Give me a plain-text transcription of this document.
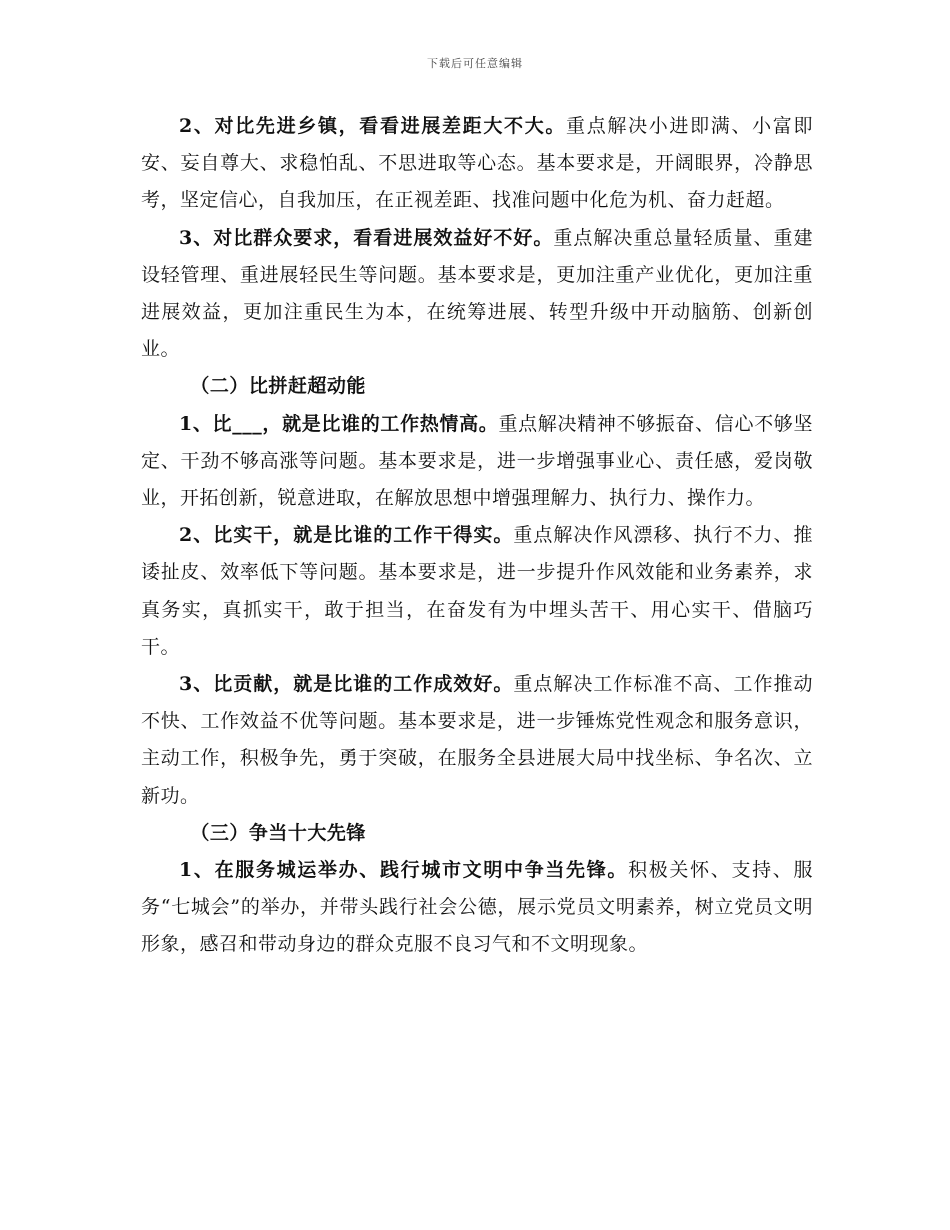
下载后可任意编辑

2、对比先进乡镇，看看进展差距大不大。重点解决小进即满、小富即安、妄自尊大、求稳怕乱、不思进取等心态。基本要求是，开阔眼界，冷静思考，坚定信心，自我加压，在正视差距、找准问题中化危为机、奋力赶超。

3、对比群众要求，看看进展效益好不好。重点解决重总量轻质量、重建设轻管理、重进展轻民生等问题。基本要求是，更加注重产业优化，更加注重进展效益，更加注重民生为本，在统筹进展、转型升级中开动脑筋、创新创业。

（二）比拼赶超动能

1、比___，就是比谁的工作热情高。重点解决精神不够振奋、信心不够坚定、干劲不够高涨等问题。基本要求是，进一步增强事业心、责任感，爱岗敬业，开拓创新，锐意进取，在解放思想中增强理解力、执行力、操作力。

2、比实干，就是比谁的工作干得实。重点解决作风漂移、执行不力、推诿扯皮、效率低下等问题。基本要求是，进一步提升作风效能和业务素养，求真务实，真抓实干，敢于担当，在奋发有为中埋头苦干、用心实干、借脑巧干。

3、比贡献，就是比谁的工作成效好。重点解决工作标准不高、工作推动不快、工作效益不优等问题。基本要求是，进一步锤炼党性观念和服务意识，主动工作，积极争先，勇于突破，在服务全县进展大局中找坐标、争名次、立新功。

（三）争当十大先锋

1、在服务城运举办、践行城市文明中争当先锋。积极关怀、支持、服务“七城会”的举办，并带头践行社会公德，展示党员文明素养，树立党员文明形象，感召和带动身边的群众克服不良习气和不文明现象。
